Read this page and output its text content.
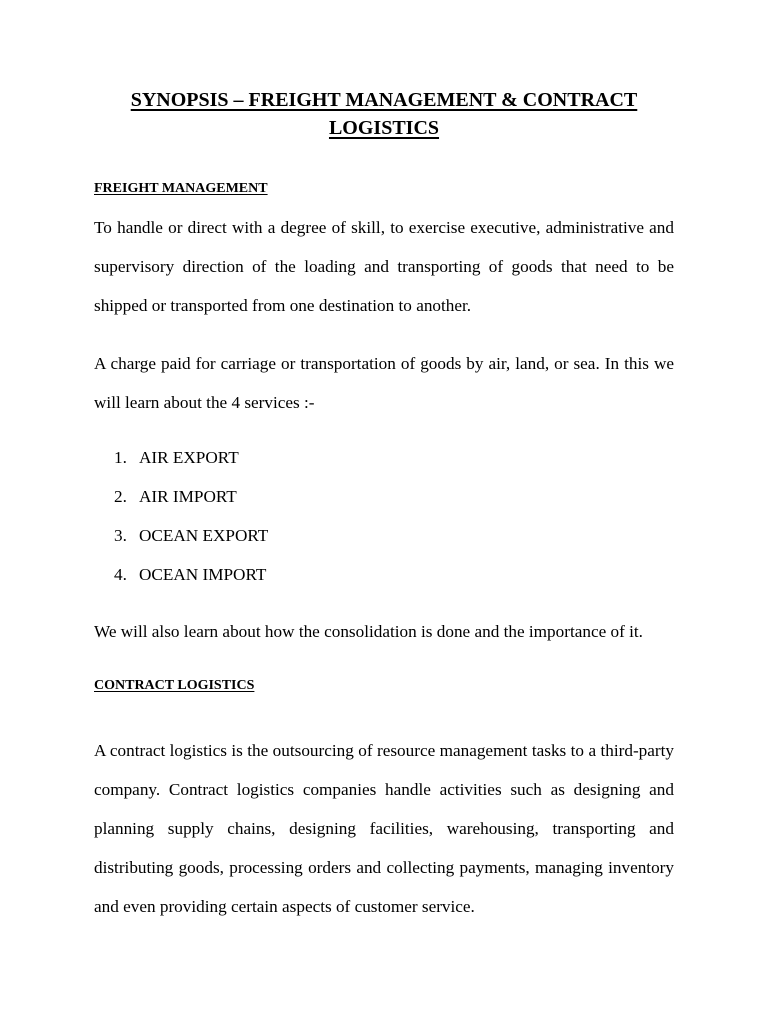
SYNOPSIS – FREIGHT MANAGEMENT & CONTRACT LOGISTICS
FREIGHT MANAGEMENT
To handle or direct with a degree of skill, to exercise executive, administrative and supervisory direction of the loading and transporting of goods that need to be shipped or transported from one destination to another.
A charge paid for carriage or transportation of goods by air, land, or sea. In this we will learn about the 4 services :-
1. AIR EXPORT
2. AIR IMPORT
3. OCEAN EXPORT
4. OCEAN IMPORT
We will also learn about how the consolidation is done and the importance of it.
CONTRACT LOGISTICS
A contract logistics is the outsourcing of resource management tasks to a third-party company. Contract logistics companies handle activities such as designing and planning supply chains, designing facilities, warehousing, transporting and distributing goods, processing orders and collecting payments, managing inventory and even providing certain aspects of customer service.
